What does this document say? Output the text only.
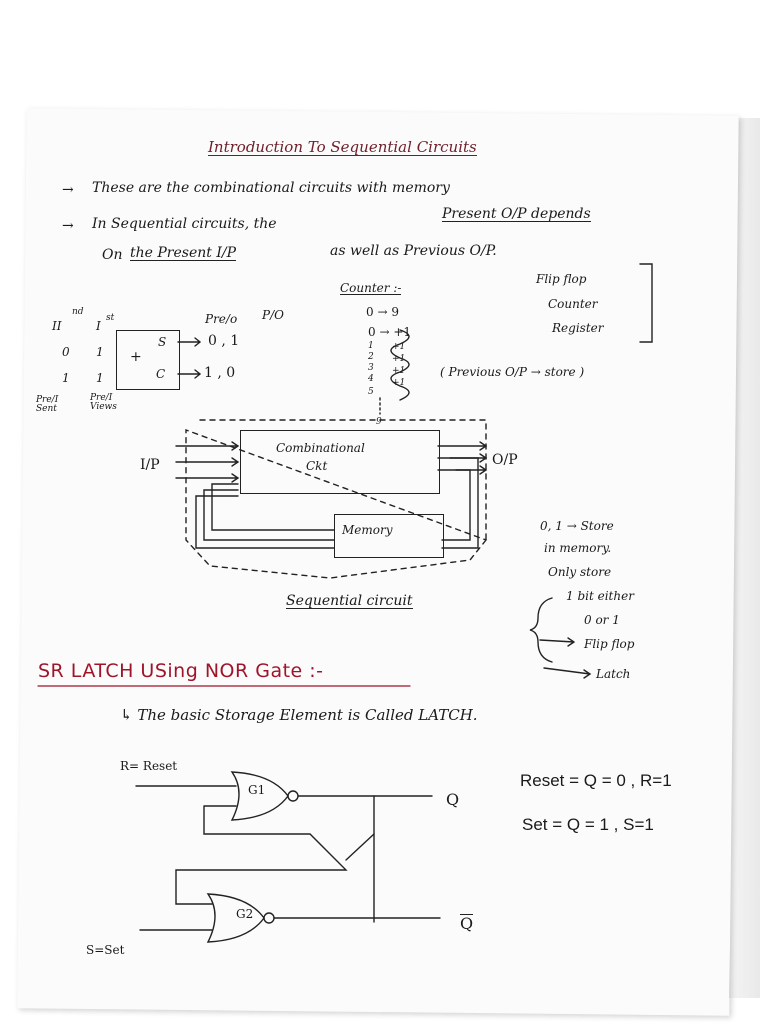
Introduction To Sequential Circuits
→ These are the combinational circuits with memory
→ In Sequential circuits, the
Present O/P depends
On the Present I/P	as well as Previous O/P.
II
nd
I
st
0 1
1 1
+
S
C
Pre/o P/O
0 , 1
1 , 0
Pre/I Sent
Pre/I Views
Counter :-
0 → 9
0 → +1
1
2
3
4
5
9
+1
+1
+1
+1
( Previous O/P → store )
Flip flop
Counter
Register
I/P
Combinational
Ckt	O/P
Memory
Sequential circuit
0, 1 → Store
in memory.
Only store
1 bit either
0 or 1
Flip flop
Latch
SR LATCH USing NOR Gate :-
↳ The basic Storage Element is Called LATCH.
R= Reset
G1
G2
Q
Q
S=Set
Reset = Q = 0 , R=1
Set = Q = 1 , S=1
